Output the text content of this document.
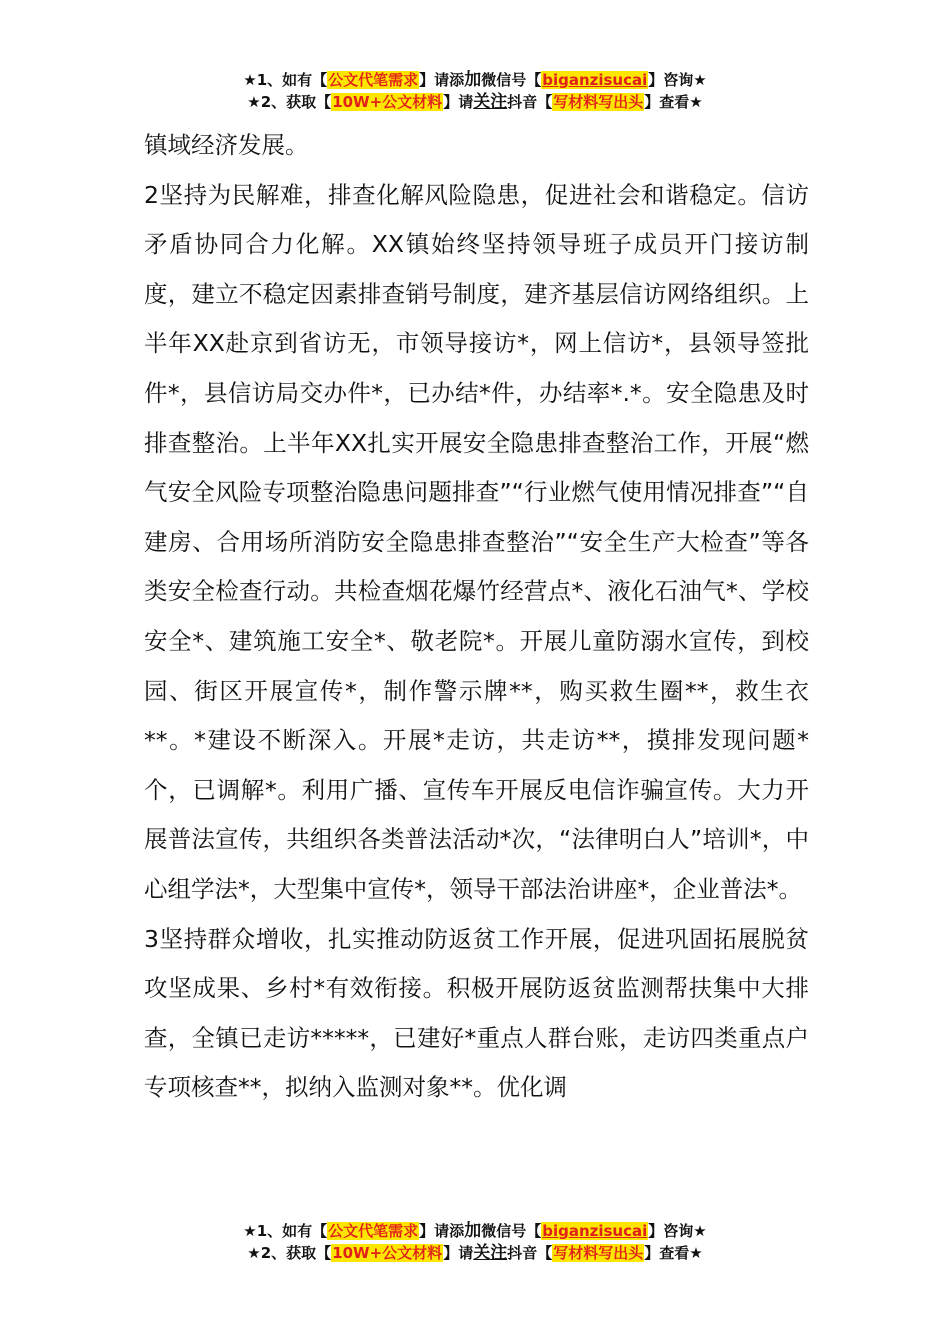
★1、如有【公文代笔需求】请添加微信号【biganzisucai】咨询★
★2、获取【10W+公文材料】请关注抖音【写材料写出头】查看★

镇域经济发展。

2坚持为民解难，排查化解风险隐患，促进社会和谐稳定。信访矛盾协同合力化解。XX镇始终坚持领导班子成员开门接访制度，建立不稳定因素排查销号制度，建齐基层信访网络组织。上半年XX赴京到省访无，市领导接访*，网上信访*，县领导签批件*，县信访局交办件*，已办结*件，办结率*.*。安全隐患及时排查整治。上半年XX扎实开展安全隐患排查整治工作，开展“燃气安全风险专项整治隐患问题排查”“行业燃气使用情况排查”“自建房、合用场所消防安全隐患排查整治”“安全生产大检查”等各类安全检查行动。共检查烟花爆竹经营点*、液化石油气*、学校安全*、建筑施工安全*、敬老院*。开展儿童防溺水宣传，到校园、街区开展宣传*，制作警示牌**，购买救生圈**，救生衣**。*建设不断深入。开展*走访，共走访**，摸排发现问题*个，已调解*。利用广播、宣传车开展反电信诈骗宣传。大力开展普法宣传，共组织各类普法活动*次，“法律明白人”培训*，中心组学法*，大型集中宣传*，领导干部法治讲座*，企业普法*。

3坚持群众增收，扎实推动防返贫工作开展，促进巩固拓展脱贫攻坚成果、乡村*有效衔接。积极开展防返贫监测帮扶集中大排查，全镇已走访*****，已建好*重点人群台账，走访四类重点户专项核查**，拟纳入监测对象**。优化调

★1、如有【公文代笔需求】请添加微信号【biganzisucai】咨询★
★2、获取【10W+公文材料】请关注抖音【写材料写出头】查看★
